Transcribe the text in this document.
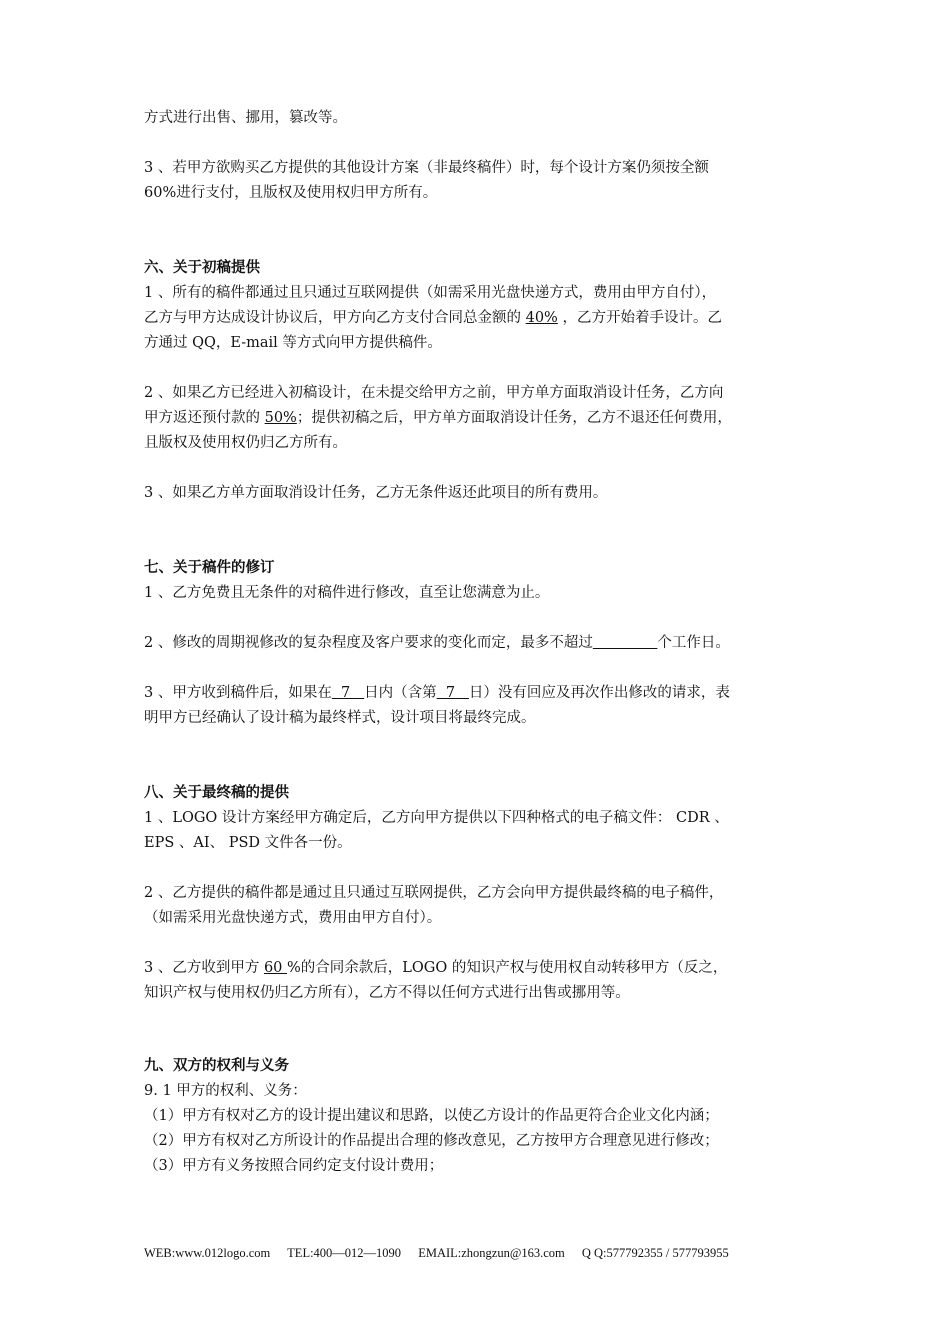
方式进行出售、挪用，篡改等。
3 、若甲方欲购买乙方提供的其他设计方案（非最终稿件）时，每个设计方案仍须按全额
60%进行支付，且版权及使用权归甲方所有。
六、关于初稿提供
1 、所有的稿件都通过且只通过互联网提供（如需采用光盘快递方式，费用由甲方自付），
乙方与甲方达成设计协议后，甲方向乙方支付合同总金额的 40% ，乙方开始着手设计。乙
方通过 QQ，E-mail 等方式向甲方提供稿件。
2 、如果乙方已经进入初稿设计，在未提交给甲方之前，甲方单方面取消设计任务，乙方向
甲方返还预付款的 50%；提供初稿之后，甲方单方面取消设计任务，乙方不退还任何费用，
且版权及使用权仍归乙方所有。
3 、如果乙方单方面取消设计任务，乙方无条件返还此项目的所有费用。
七、关于稿件的修订
1 、乙方免费且无条件的对稿件进行修改，直至让您满意为止。
2 、修改的周期视修改的复杂程度及客户要求的变化而定，最多不超过	个工作日。
3 、甲方收到稿件后，如果在  7   日内（含第  7   日）没有回应及再次作出修改的请求，表
明甲方已经确认了设计稿为最终样式，设计项目将最终完成。
八、关于最终稿的提供
1 、LOGO 设计方案经甲方确定后，乙方向甲方提供以下四种格式的电子稿文件： CDR 、
EPS 、AI、 PSD 文件各一份。
2 、乙方提供的稿件都是通过且只通过互联网提供，乙方会向甲方提供最终稿的电子稿件，
（如需采用光盘快递方式，费用由甲方自付）。
3 、乙方收到甲方 60 %的合同余款后，LOGO 的知识产权与使用权自动转移甲方（反之，
知识产权与使用权仍归乙方所有），乙方不得以任何方式进行出售或挪用等。
九、双方的权利与义务
9. 1 甲方的权利、义务：
（1）甲方有权对乙方的设计提出建议和思路，以使乙方设计的作品更符合企业文化内涵；
（2）甲方有权对乙方所设计的作品提出合理的修改意见，乙方按甲方合理意见进行修改；
（3）甲方有义务按照合同约定支付设计费用；
WEB:www.012logo.com TEL:400—012—1090 EMAIL:zhongzun@163.com Q Q:577792355 / 577793955
